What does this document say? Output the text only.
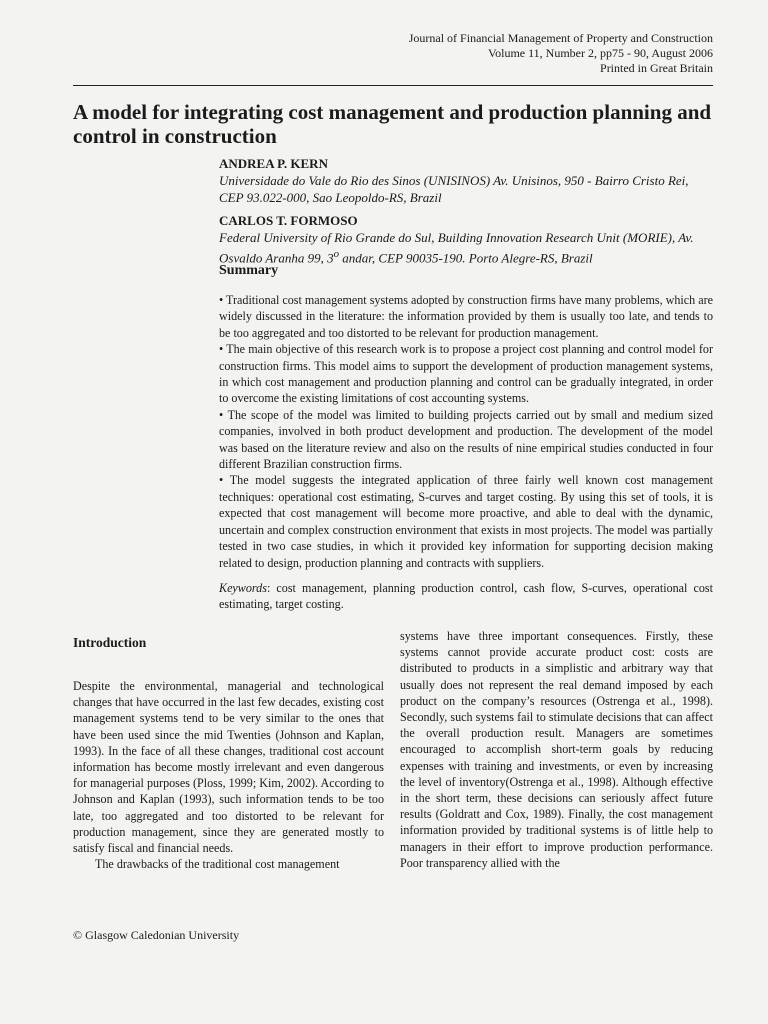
Journal of Financial Management of Property and Construction
Volume 11, Number 2, pp75 - 90, August 2006
Printed in Great Britain
A model for integrating cost management and production planning and control in construction
ANDREA P. KERN
Universidade do Vale do Rio des Sinos (UNISINOS) Av. Unisinos, 950 - Bairro Cristo Rei, CEP 93.022-000, Sao Leopoldo-RS, Brazil
CARLOS T. FORMOSO
Federal University of Rio Grande do Sul, Building Innovation Research Unit (MORIE), Av. Osvaldo Aranha 99, 3$^o$ andar, CEP 90035-190. Porto Alegre-RS, Brazil
Summary

• Traditional cost management systems adopted by construction firms have many problems, which are widely discussed in the literature: the information provided by them is usually too late, and tends to be too aggregated and too distorted to be relevant for production management.

• The main objective of this research work is to propose a project cost planning and control model for construction firms. This model aims to support the development of production management systems, in which cost management and production planning and control can be gradually integrated, in order to overcome the existing limitations of cost accounting systems.

• The scope of the model was limited to building projects carried out by small and medium sized companies, involved in both product development and production. The development of the model was based on the literature review and also on the results of nine empirical studies conducted in four different Brazilian construction firms.

• The model suggests the integrated application of three fairly well known cost management techniques: operational cost estimating, S-curves and target costing. By using this set of tools, it is expected that cost management will become more proactive, and able to deal with the dynamic, uncertain and complex construction environment that exists in most projects. The model was partially tested in two case studies, in which it provided key information for supporting decision making related to design, production planning and contracts with suppliers.

Keywords: cost management, planning production control, cash flow, S-curves, operational cost estimating, target costing.

Introduction

Despite the environmental, managerial and technological changes that have occurred in the last few decades, existing cost management systems tend to be very similar to the ones that have been used since the mid Twenties (Johnson and Kaplan, 1993). In the face of all these changes, traditional cost account information has become mostly irrelevant and even dangerous for managerial purposes (Ploss, 1999; Kim, 2002). According to Johnson and Kaplan (1993), such information tends to be too late, too aggregated and too distorted to be relevant for production management, since they are generated mostly to satisfy fiscal and financial needs.

The drawbacks of the traditional cost management

systems have three important consequences. Firstly, these systems cannot provide accurate product cost: costs are distributed to products in a simplistic and arbitrary way that usually does not represent the real demand imposed by each product on the company’s resources (Ostrenga et al., 1998). Secondly, such systems fail to stimulate decisions that can affect the overall production result. Managers are sometimes encouraged to accomplish short-term goals by reducing expenses with training and investments, or even by increasing the level of inventory(Ostrenga et al., 1998). Although effective in the short term, these decisions can seriously affect future results (Goldratt and Cox, 1989). Finally, the cost management information provided by traditional systems is of little help to managers in their effort to improve production performance. Poor transparency allied with the

© Glasgow Caledonian University
